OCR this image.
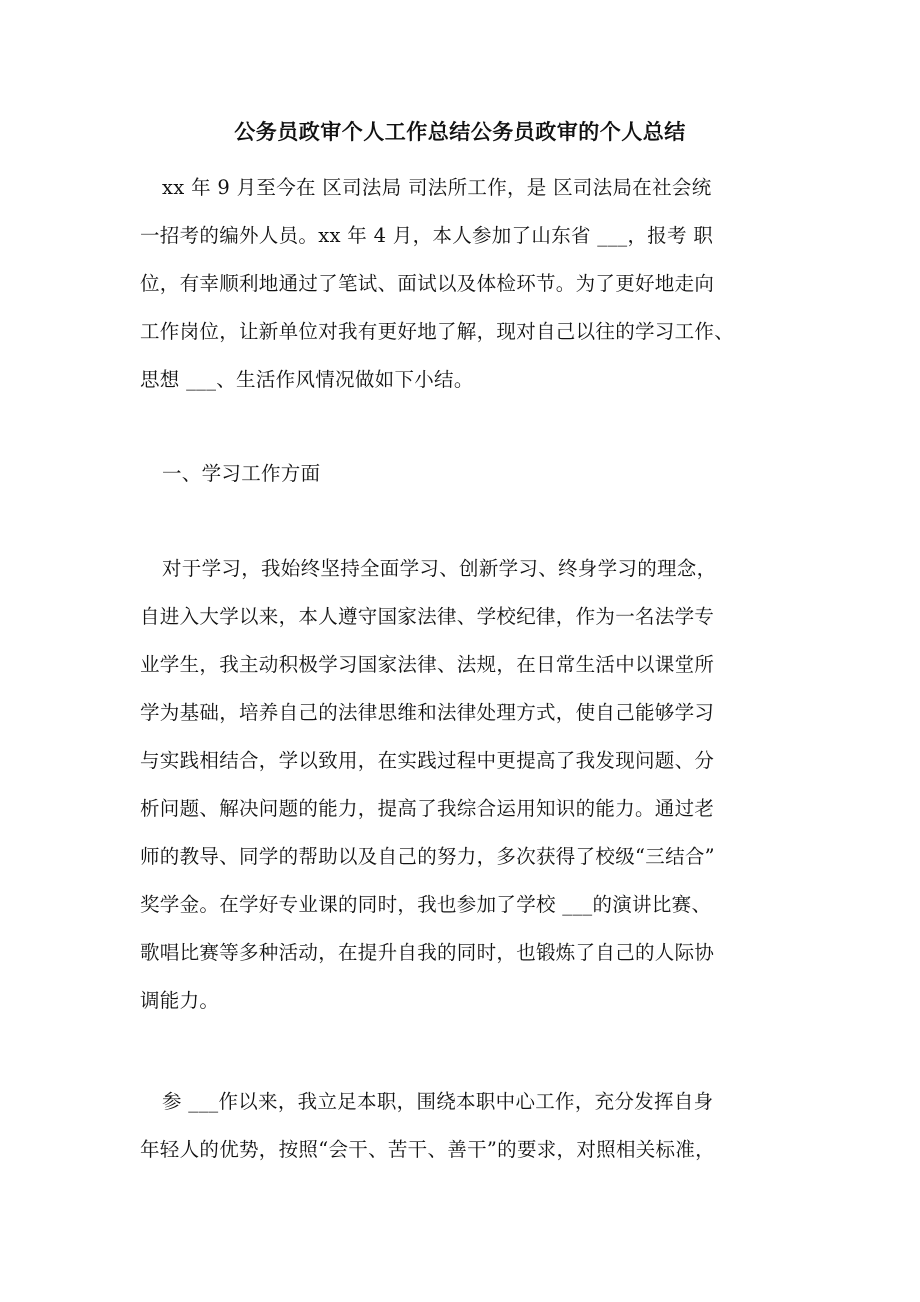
公务员政审个人工作总结公务员政审的个人总结
xx 年 9 月至今在 区司法局 司法所工作，是 区司法局在社会统
一招考的编外人员。xx 年 4 月，本人参加了山东省 ___，报考 职
位，有幸顺利地通过了笔试、面试以及体检环节。为了更好地走向
工作岗位，让新单位对我有更好地了解，现对自己以往的学习工作、
思想 ___、生活作风情况做如下小结。
一、学习工作方面
对于学习，我始终坚持全面学习、创新学习、终身学习的理念，
自进入大学以来，本人遵守国家法律、学校纪律，作为一名法学专
业学生，我主动积极学习国家法律、法规，在日常生活中以课堂所
学为基础，培养自己的法律思维和法律处理方式，使自己能够学习
与实践相结合，学以致用，在实践过程中更提高了我发现问题、分
析问题、解决问题的能力，提高了我综合运用知识的能力。通过老
师的教导、同学的帮助以及自己的努力，多次获得了校级“三结合”
奖学金。在学好专业课的同时，我也参加了学校 ___的演讲比赛、
歌唱比赛等多种活动，在提升自我的同时，也锻炼了自己的人际协
调能力。
参 ___作以来，我立足本职，围绕本职中心工作，充分发挥自身
年轻人的优势，按照“会干、苦干、善干”的要求，对照相关标准，
